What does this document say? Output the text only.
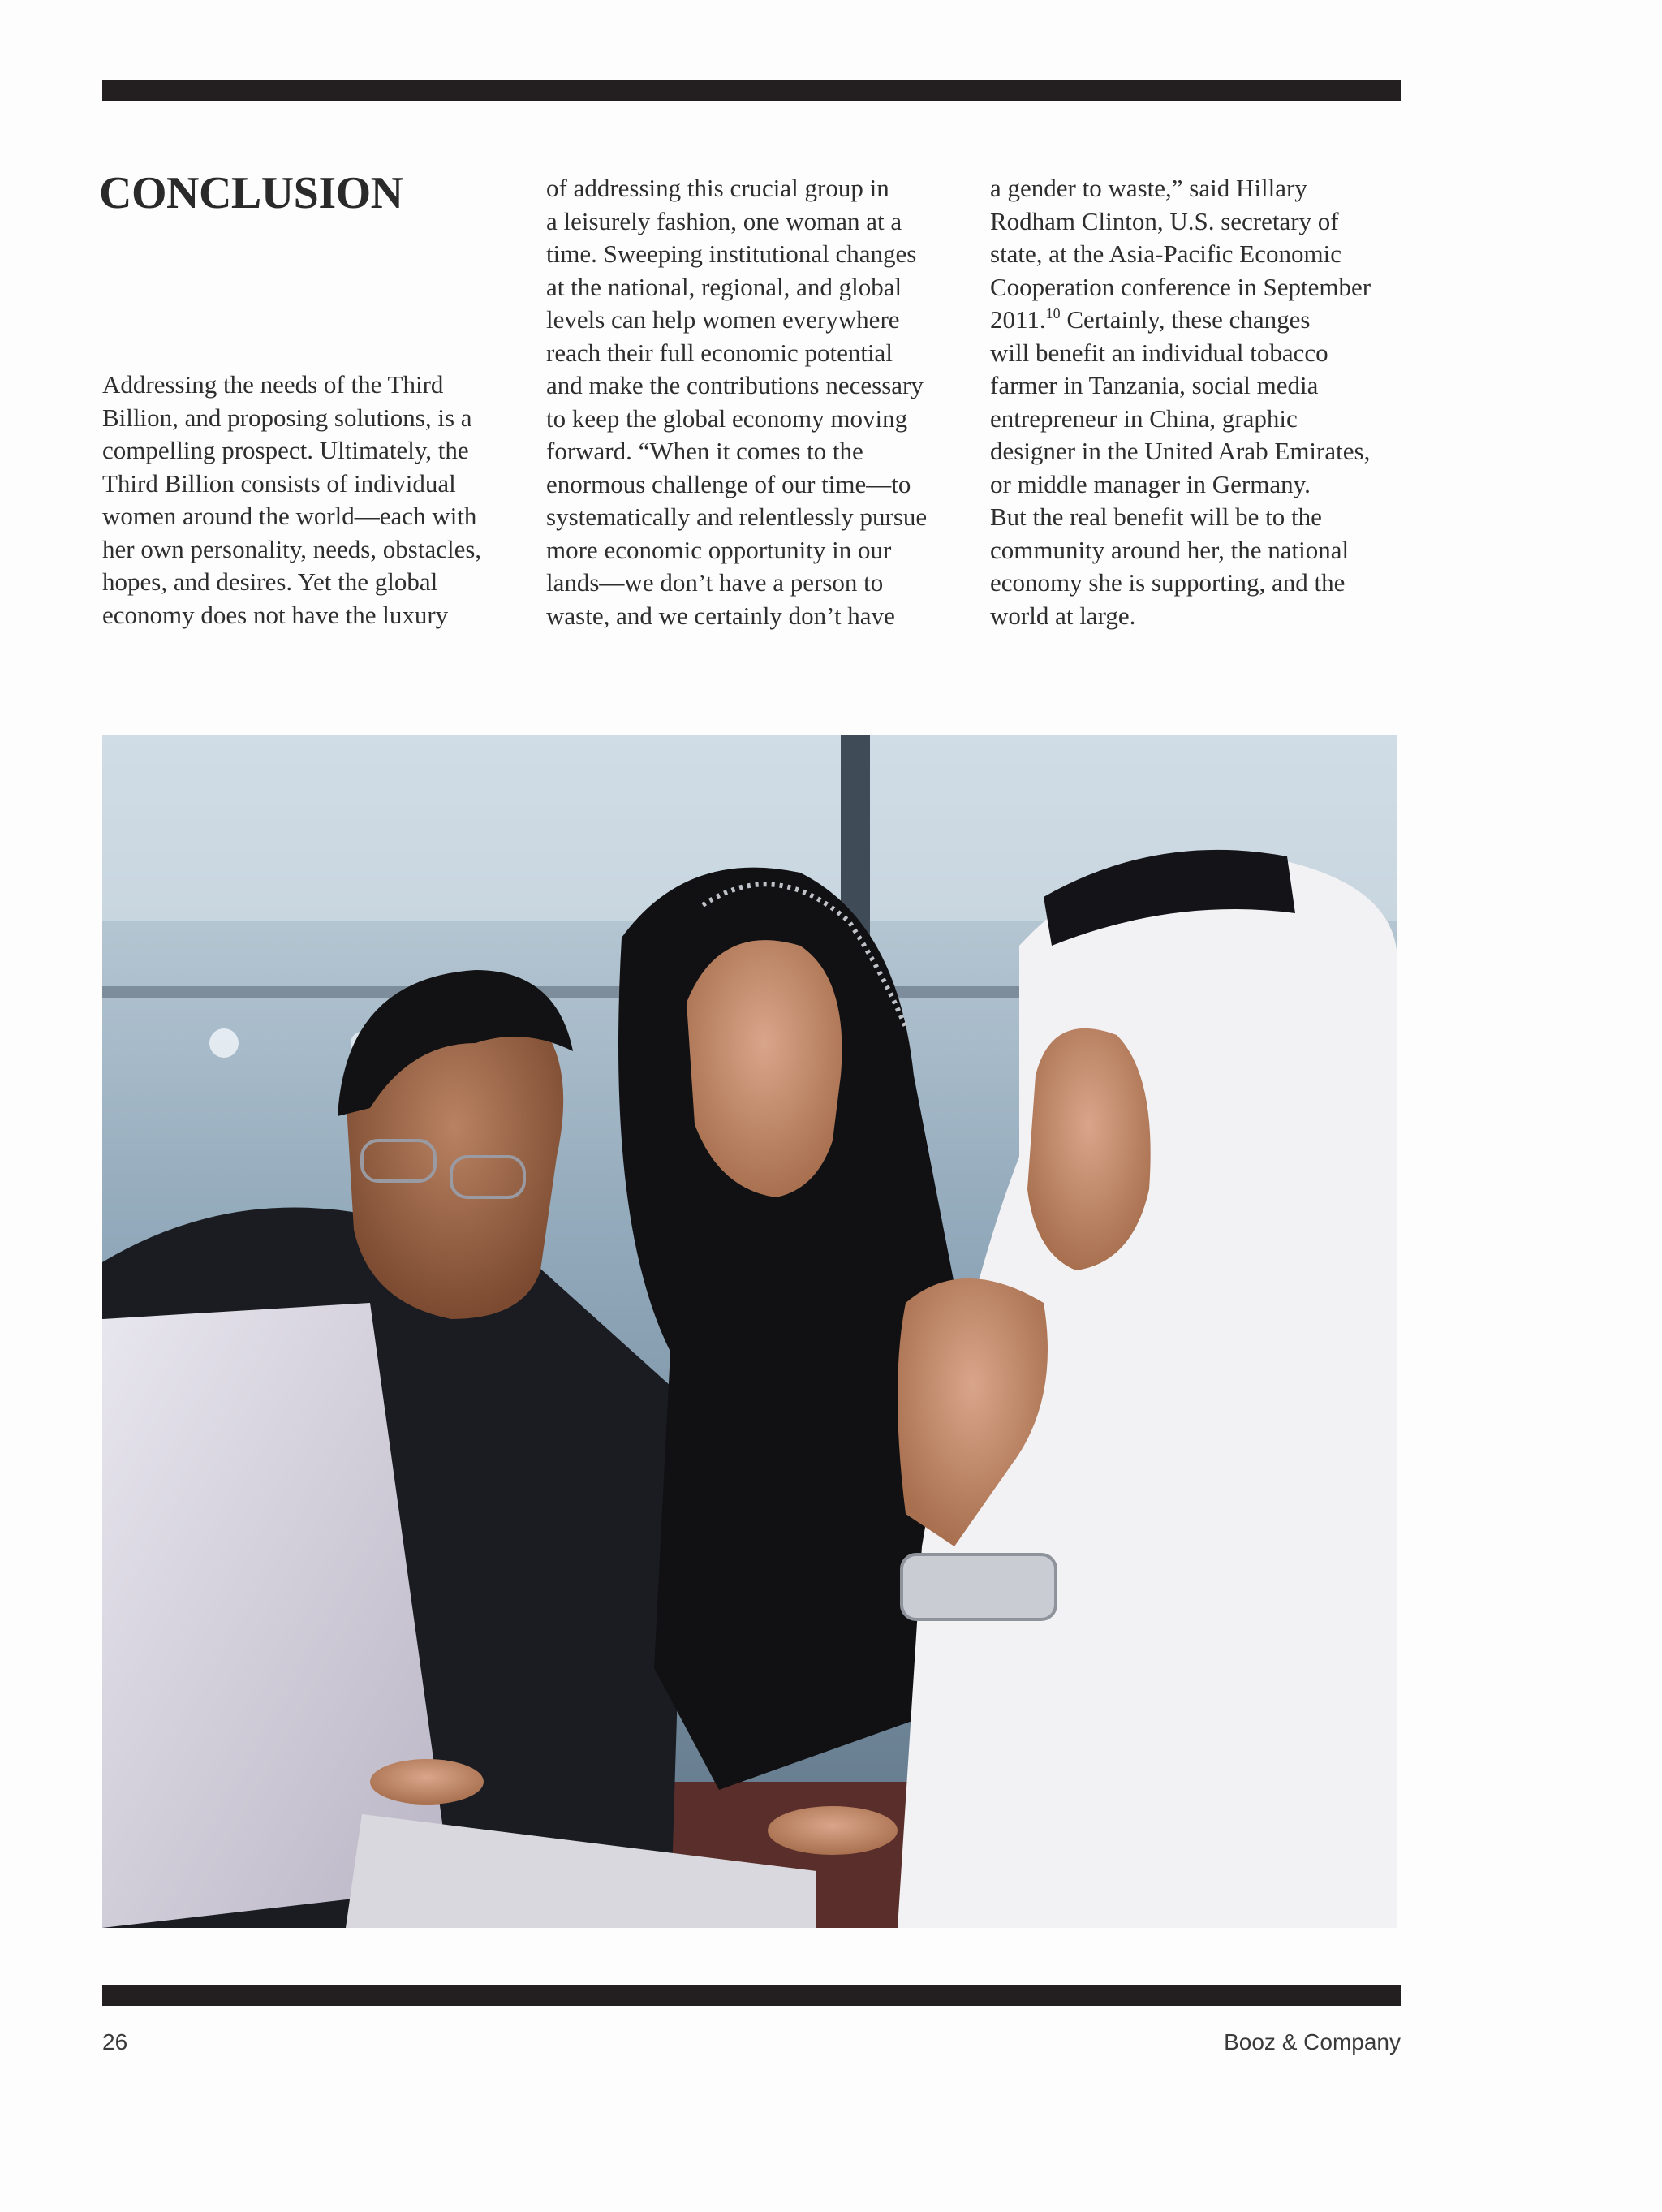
CONCLUSION

Addressing the needs of the Third
Billion, and proposing solutions, is a
compelling prospect. Ultimately, the
Third Billion consists of individual
women around the world—each with
her own personality, needs, obstacles,
hopes, and desires. Yet the global
economy does not have the luxury

of addressing this crucial group in
a leisurely fashion, one woman at a
time. Sweeping institutional changes
at the national, regional, and global
levels can help women everywhere
reach their full economic potential
and make the contributions necessary
to keep the global economy moving
forward. “When it comes to the
enormous challenge of our time—to
systematically and relentlessly pursue
more economic opportunity in our
lands—we don’t have a person to
waste, and we certainly don’t have

a gender to waste,” said Hillary
Rodham Clinton, U.S. secretary of
state, at the Asia-Pacific Economic
Cooperation conference in September
2011.10 Certainly, these changes
will benefit an individual tobacco
farmer in Tanzania, social media
entrepreneur in China, graphic
designer in the United Arab Emirates,
or middle manager in Germany.
But the real benefit will be to the
community around her, the national
economy she is supporting, and the
world at large.

26	Booz & Company
